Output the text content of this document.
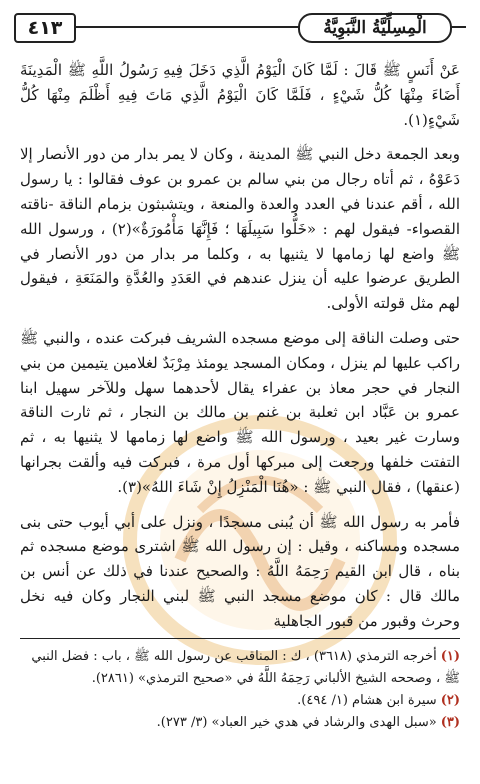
٤١٣	الْمِسِلِّيَّةُ النَّبَوِيَّةُ

عَنْ أَنَسٍ ﷺ قَالَ : لَمَّا كَانَ الْيَوْمُ الَّذِي دَخَلَ فِيهِ رَسُولُ اللَّهِ ﷺ الْمَدِينَةَ أَضَاءَ مِنْهَا كُلُّ شَيْءٍ ، فَلَمَّا كَانَ الْيَوْمُ الَّذِي مَاتَ فِيهِ أَظْلَمَ مِنْهَا كُلُّ شَيْءٍ(١).

وبعد الجمعة دخل النبي ﷺ المدينة ، وكان لا يمر بدار من دور الأنصار إلا دَعَوْهُ ، ثم أتاه رجال من بني سالم بن عمرو بن عوف فقالوا : يا رسول الله ، أقم عندنا في العدد والعدة والمنعة ، ويتشبثون بزمام الناقة -ناقته القصواء- فيقول لهم : «خَلُّوا سَبِيلَهَا ؛ فَإِنَّهَا مَأْمُورَةٌ»(٢) ، ورسول الله ﷺ واضع لها زمامها لا يثنيها به ، وكلما مر بدار من دور الأنصار في الطريق عرضوا عليه أن ينزل عندهم في العَدَدِ والعُدَّةِ والمَنَعَةِ ، فيقول لهم مثل قولته الأولى.

حتى وصلت الناقة إلى موضع مسجده الشريف فبركت عنده ، والنبي ﷺ راكب عليها لم ينزل ، ومكان المسجد يومئذ مِرْبَدٌ لغلامين يتيمين من بني النجار في حجر معاذ بن عفراء يقال لأحدهما سهل وللآخر سهيل ابنا عمرو بن عَبَّاد ابن ثعلبة بن غنم بن مالك بن النجار ، ثم ثارت الناقة وسارت غير بعيد ، ورسول الله ﷺ واضع لها زمامها لا يثنيها به ، ثم التفتت خلفها ورجعت إلى مبركها أول مرة ، فبركت فيه وألقت بجرانها (عنقها) ، فقال النبي ﷺ : «هُنَا الْمَنْزِلُ إِنْ شَاءَ اللهُ»(٣).

فأمر به رسول الله ﷺ أن يُبنى مسجدًا ، ونزل على أبي أيوب حتى بنى مسجده ومساكنه ، وقيل : إن رسول الله ﷺ اشترى موضع مسجده ثم بناه ، قال ابن القيم رَحِمَهُ اللَّهُ : والصحيح عندنا في ذلك عن أنس بن مالك قال : كان موضع مسجد النبي ﷺ لبني النجار وكان فيه نخل وحرث وقبور من قبور الجاهلية

(١)أخرجه الترمذي (٣٦١٨) ، ك : المناقب عن رسول الله ﷺ ، باب : فضل النبي ﷺ ، وصححه الشيخ الألباني رَحِمَهُ اللَّهُ في «صحيح الترمذي» (٢٨٦١).

(٢)سيرة ابن هشام (١/ ٤٩٤).

(٣)«سبل الهدى والرشاد في هدي خير العباد» (٣/ ٢٧٣).
